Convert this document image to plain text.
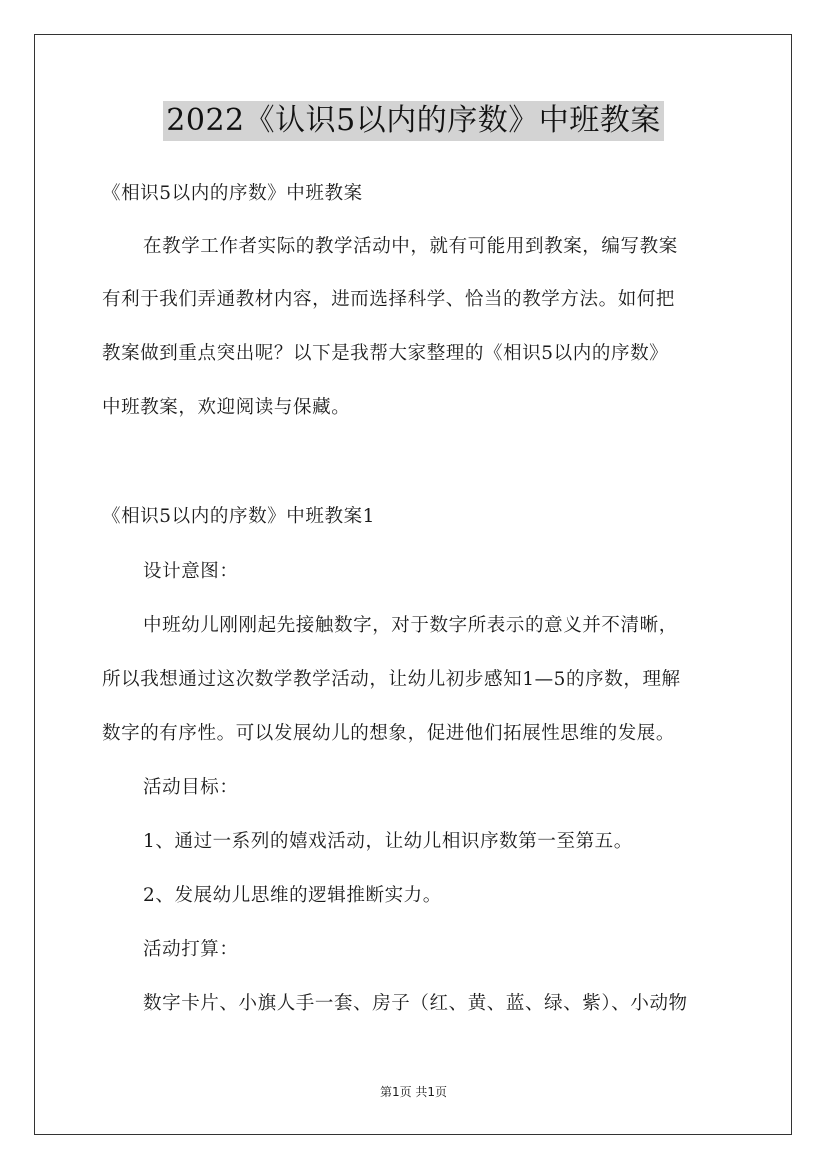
2022《认识5以内的序数》中班教案
《相识5以内的序数》中班教案
在教学工作者实际的教学活动中，就有可能用到教案，编写教案
有利于我们弄通教材内容，进而选择科学、恰当的教学方法。如何把
教案做到重点突出呢？以下是我帮大家整理的《相识5以内的序数》
中班教案，欢迎阅读与保藏。
《相识5以内的序数》中班教案1
设计意图：
中班幼儿刚刚起先接触数字，对于数字所表示的意义并不清晰，
所以我想通过这次数学教学活动，让幼儿初步感知1—5的序数，理解
数字的有序性。可以发展幼儿的想象，促进他们拓展性思维的发展。
活动目标：
1、通过一系列的嬉戏活动，让幼儿相识序数第一至第五。
2、发展幼儿思维的逻辑推断实力。
活动打算：
数字卡片、小旗人手一套、房子（红、黄、蓝、绿、紫）、小动物
第1页 共1页
